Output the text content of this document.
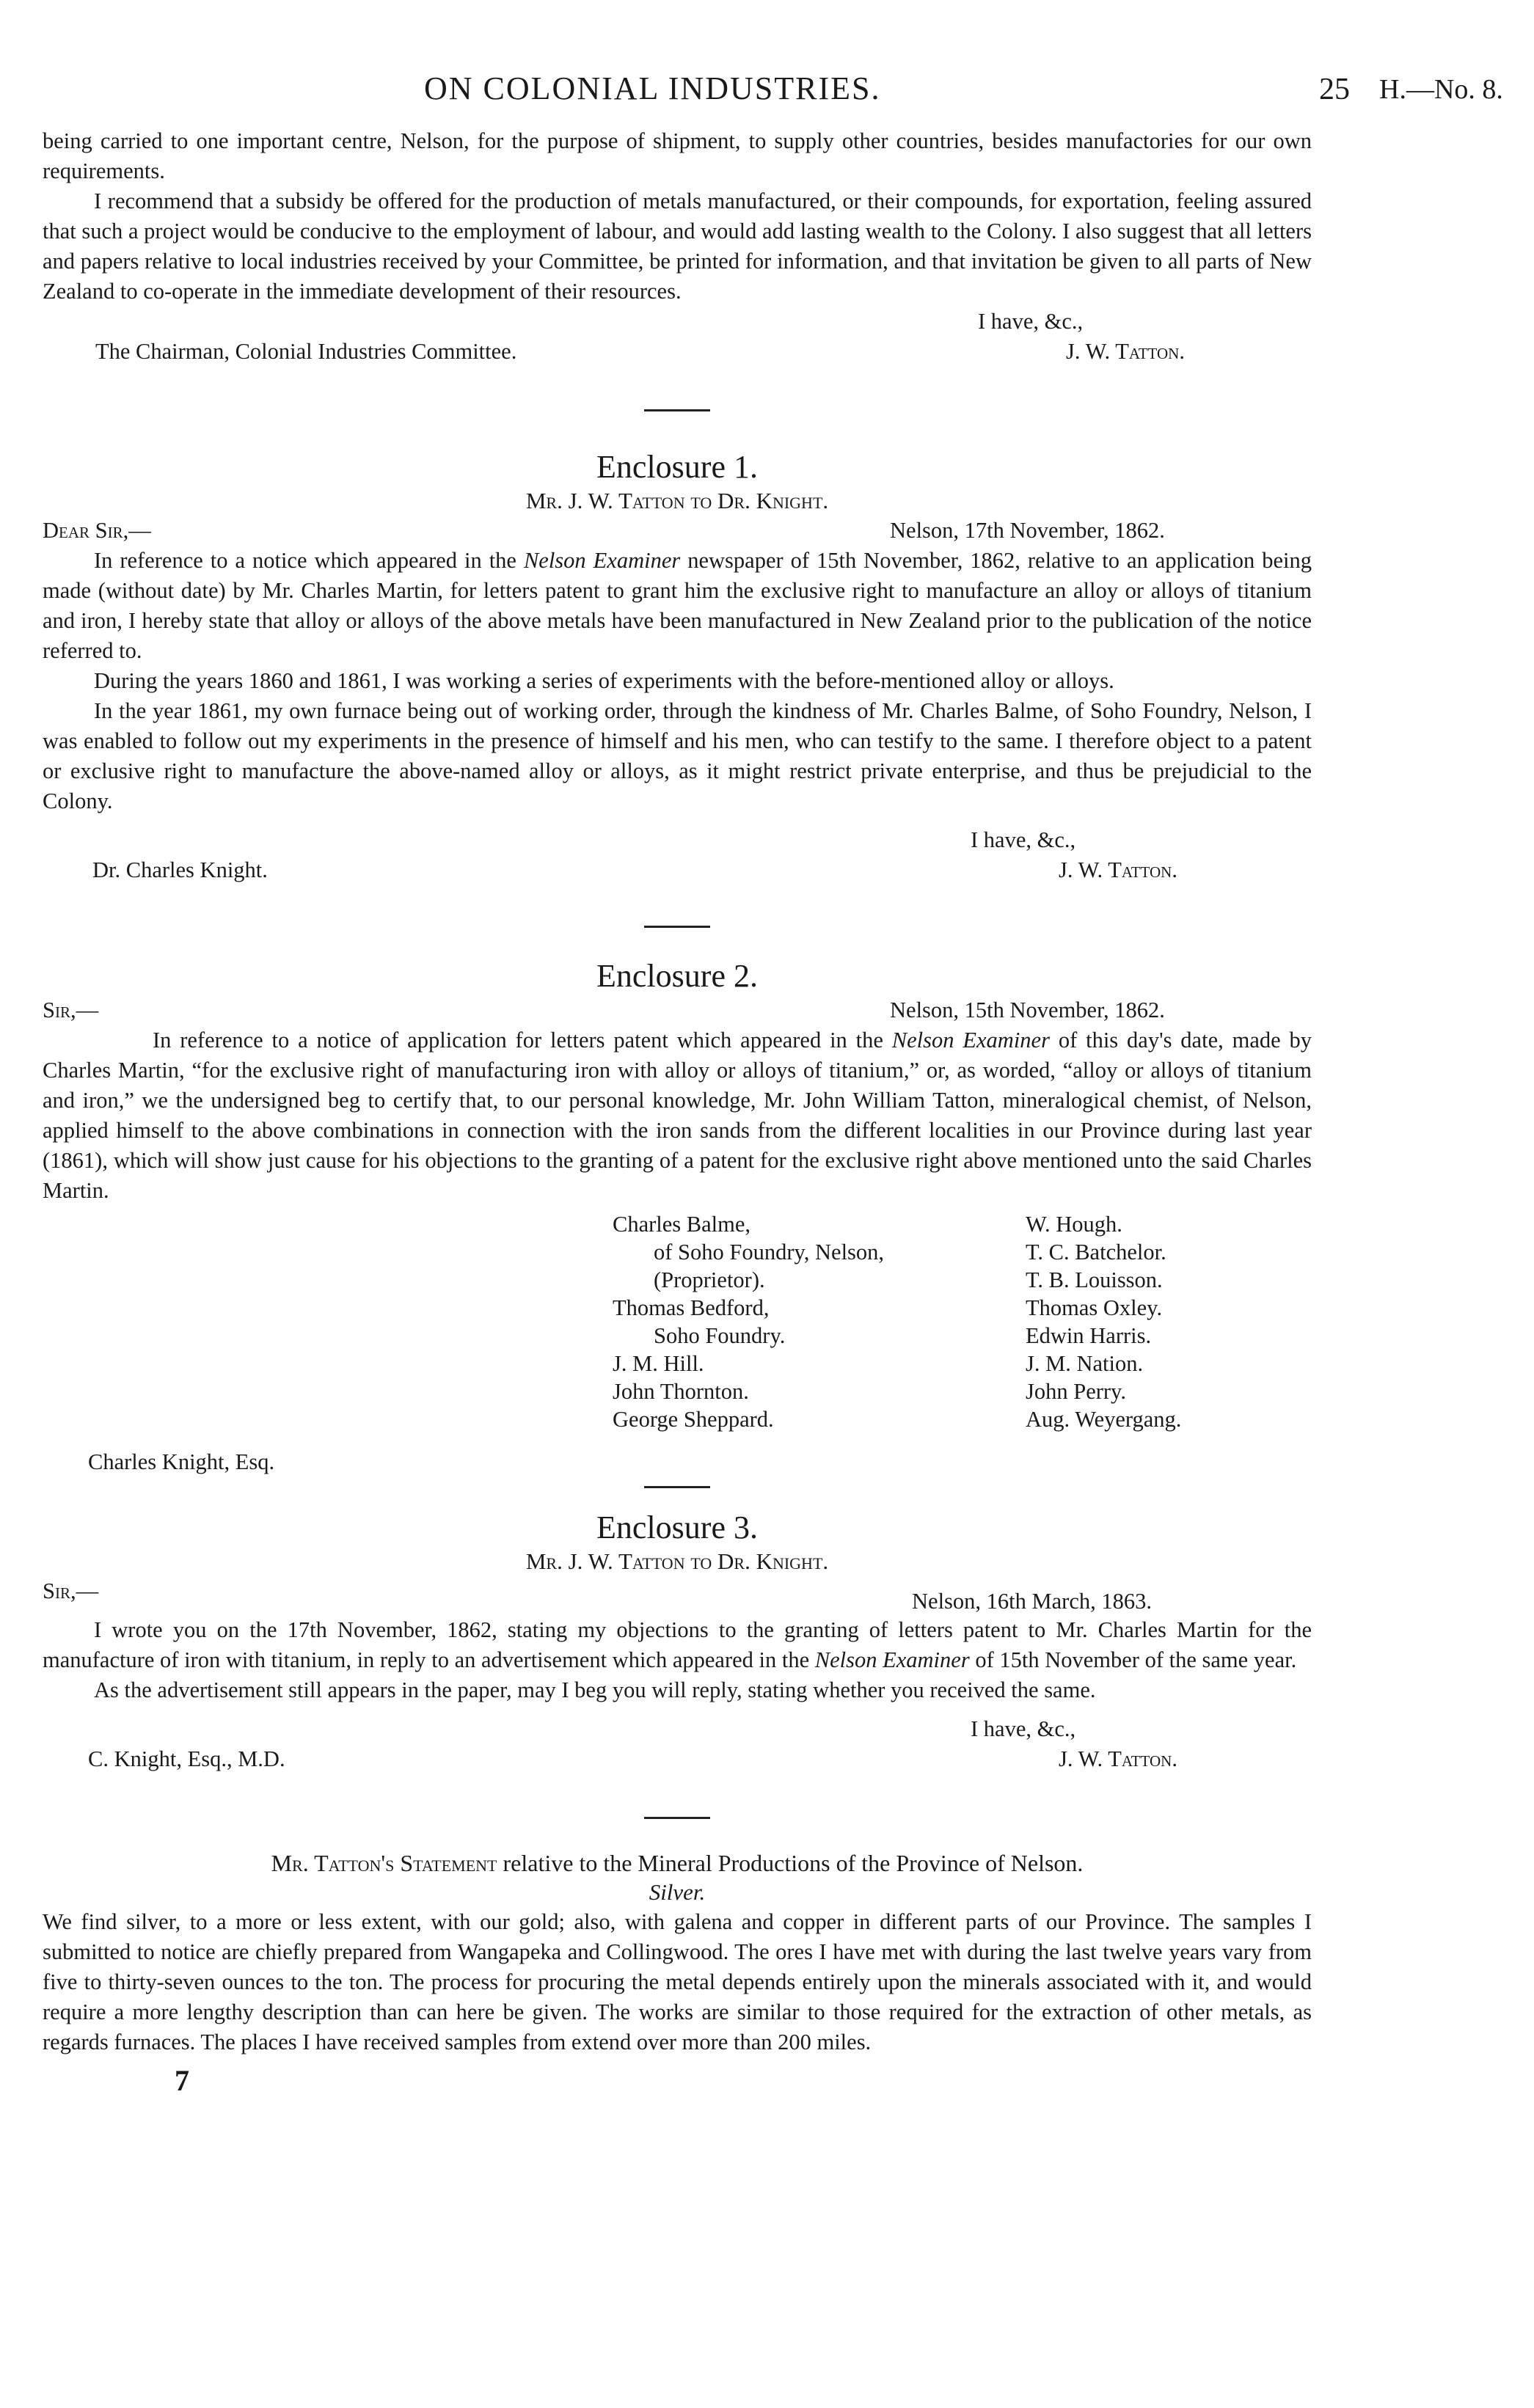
ON COLONIAL INDUSTRIES.	25 H.—No. 8.

being carried to one important centre, Nelson, for the purpose of shipment, to supply other countries, besides manufactories for our own requirements.

I recommend that a subsidy be offered for the production of metals manufactured, or their compounds, for exportation, feeling assured that such a project would be conducive to the employment of labour, and would add lasting wealth to the Colony. I also suggest that all letters and papers relative to local industries received by your Committee, be printed for information, and that invitation be given to all parts of New Zealand to co-operate in the immediate development of their resources.

I have, &c.,
The Chairman, Colonial Industries Committee.	J. W. Tatton.
Enclosure 1.
Mr. J. W. Tatton to Dr. Knight.
Dear Sir,—	Nelson, 17th November, 1862.

In reference to a notice which appeared in the Nelson Examiner newspaper of 15th November, 1862, relative to an application being made (without date) by Mr. Charles Martin, for letters patent to grant him the exclusive right to manufacture an alloy or alloys of titanium and iron, I hereby state that alloy or alloys of the above metals have been manufactured in New Zealand prior to the publication of the notice referred to.

During the years 1860 and 1861, I was working a series of experiments with the before-mentioned alloy or alloys.

In the year 1861, my own furnace being out of working order, through the kindness of Mr. Charles Balme, of Soho Foundry, Nelson, I was enabled to follow out my experiments in the presence of himself and his men, who can testify to the same. I therefore object to a patent or exclusive right to manufacture the above-named alloy or alloys, as it might restrict private enterprise, and thus be prejudicial to the Colony.

I have, &c.,
Dr. Charles Knight.	J. W. Tatton.
Enclosure 2.
Sir,—	Nelson, 15th November, 1862.

In reference to a notice of application for letters patent which appeared in the Nelson Examiner of this day's date, made by Charles Martin, “for the exclusive right of manufacturing iron with alloy or alloys of titanium,” or, as worded, “alloy or alloys of titanium and iron,” we the undersigned beg to certify that, to our personal knowledge, Mr. John William Tatton, mineralogical chemist, of Nelson, applied himself to the above combinations in connection with the iron sands from the different localities in our Province during last year (1861), which will show just cause for his objections to the granting of a patent for the exclusive right above mentioned unto the said Charles Martin.

Charles Balme,
of Soho Foundry, Nelson,
(Proprietor).
Thomas Bedford,
Soho Foundry.
J. M. Hill.
John Thornton.
George Sheppard.
W. Hough.
T. C. Batchelor.
T. B. Louisson.
Thomas Oxley.
Edwin Harris.
J. M. Nation.
John Perry.
Aug. Weyergang.
Charles Knight, Esq.
Enclosure 3.
Mr. J. W. Tatton to Dr. Knight.
Sir,—	Nelson, 16th March, 1863.

I wrote you on the 17th November, 1862, stating my objections to the granting of letters patent to Mr. Charles Martin for the manufacture of iron with titanium, in reply to an advertisement which appeared in the Nelson Examiner of 15th November of the same year.

As the advertisement still appears in the paper, may I beg you will reply, stating whether you received the same.

I have, &c.,
C. Knight, Esq., M.D.	J. W. Tatton.
Mr. Tatton's Statement relative to the Mineral Productions of the Province of Nelson.
Silver.

We find silver, to a more or less extent, with our gold; also, with galena and copper in different parts of our Province. The samples I submitted to notice are chiefly prepared from Wangapeka and Collingwood. The ores I have met with during the last twelve years vary from five to thirty-seven ounces to the ton. The process for procuring the metal depends entirely upon the minerals associated with it, and would require a more lengthy description than can here be given. The works are similar to those required for the extraction of other metals, as regards furnaces. The places I have received samples from extend over more than 200 miles.

7
